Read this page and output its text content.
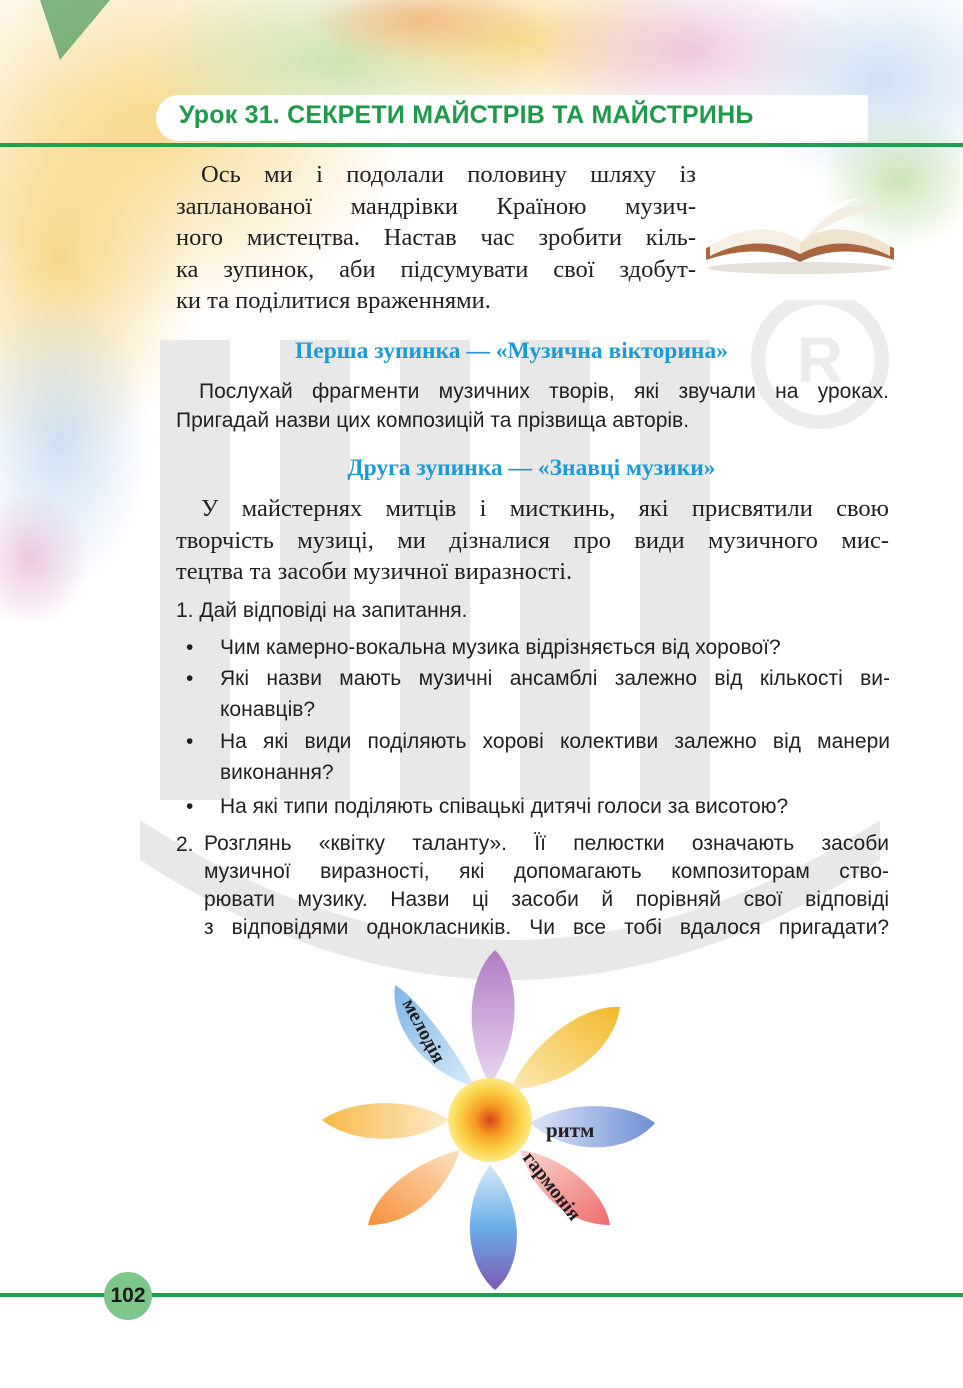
R
Урок 31. СЕКРЕТИ МАЙСТРІВ ТА МАЙСТРИНЬ
Ось ми і подолали половину шляху із
запланованої мандрівки Країною музич-
ного мистецтва. Настав час зробити кіль-
ка зупинок, аби підсумувати свої здобут-
ки та поділитися враженнями.
Перша зупинка — «Музична вікторина»
Послухай фрагменти музичних творів, які звучали на уроках.
Пригадай назви цих композицій та прізвища авторів.
Друга зупинка — «Знавці музики»
У майстернях митців і мисткинь, які присвятили свою
творчість музиці, ми дізналися про види музичного мис-
тецтва та засоби музичної виразності.
1. Дай відповіді на запитання.
• Чим камерно-вокальна музика відрізняється від хорової?
• Які назви мають музичні ансамблі залежно від кількості ви-
конавців?
• На які види поділяють хорові колективи залежно від манери
виконання?
• На які типи поділяють співацькі дитячі голоси за висотою?
2. Розглянь «квітку таланту». Її пелюстки означають засоби
музичної виразності, які допомагають композиторам ство-
рювати музику. Назви ці засоби й порівняй свої відповіді
з відповідями однокласників. Чи все тобі вдалося пригадати?
мелодія
ритм
гармонія
102
